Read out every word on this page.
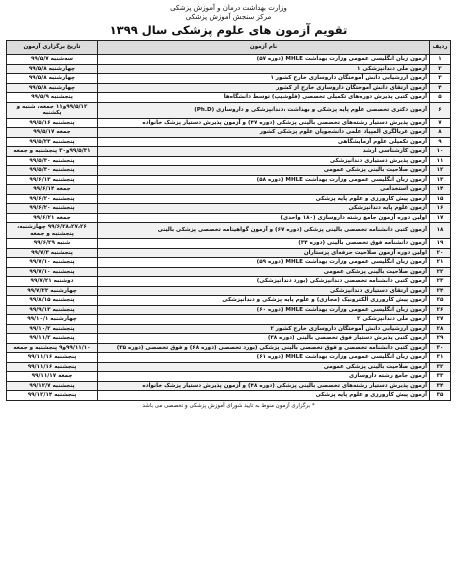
وزارت بهداشت درمان و آموزش پزشکی
مرکز سنجش آموزش پزشکی
تقویم آزمون های علوم پزشکی سال ۱۳۹۹
ردیف	نام آزمون	تاریخ برگزاری آزمون
۱	آزمون زبان انگلیسی عمومی وزارت بهداشت MHLE (دوره ۵۷)	سه‌شنبه ۹۹/۵/۷
۲	آزمون ملی دندانپزشکی ۱	چهارشنبه ۹۹/۵/۸
۳	آزمون ارزشیابی دانش آموختگان داروسازی خارج کشور ۱	چهارشنبه ۹۹/۵/۸
۴	آزمون ارتقای دانش آموختگان داروسازی خارج از کشور	چهارشنبه ۹۹/۵/۸
۵	آزمون کتبی پذیرش دوره‌های تکمیلی تخصصی (فلوشیپ) توسط دانشگاه‌ها	پنجشنبه ۹۹/۵/۹
۶	آزمون دکتری تخصصی علوم پایه پزشکی و بهداشت ،دندانپزشکی و داروسازی (Ph.D)	۹۹/۵/۱۲و۱۱ جمعه، شنبه و یکشنبه
۷	آزمون پذیرش دستیار رشته‌های تخصصی بالینی پزشکی (دوره ۴۷) و آزمون پذیرش دستیار پزشک خانواده	پنجشنبه ۹۹/۵/۱۶
۸	آزمون غربالگری المپیاد علمی دانشجویان علوم پزشکی کشور	جمعه ۹۹/۵/۱۷
۹	آزمون تکمیلی علوم آزمایشگاهی	پنجشنبه ۹۹/۵/۲۳
۱۰	آزمون کارشناسی ارشد	۹۹/۵/۳۱و۳۰ پنجشنبه و جمعه
۱۱	آزمون پذیرش دستیاری دندانپزشکی	پنجشنبه ۹۹/۵/۳۰
۱۲	آزمون صلاحیت بالینی پزشکی عمومی	پنجشنبه ۹۹/۵/۳۰
۱۳	آزمون زبان انگلیسی عمومی وزارت بهداشت MHLE (دوره ۵۸)	پنجشنبه ۹۹/۶/۱۳
۱۴	آزمون استخدامی	جمعه ۹۹/۶/۱۴
۱۵	آزمون پیش کارورزی و علوم پایه پزشکی	پنجشنبه ۹۹/۶/۲۰
۱۶	آزمون علوم پایه دندانپزشکی	پنجشنبه ۹۹/۶/۲۰
۱۷	اولین دوره آزمون جامع رشته داروسازی (۱۸۰ واحدی)	جمعه ۹۹/۶/۲۱
۱۸	آزمون کتبی دانشنامه تخصصی بالینی پزشکی (دوره ۶۷) و آزمون گواهینامه تخصصی پزشکی بالینی	۹۹/۶/۲۸،۲۷،۲۶ چهارشنبه، پنجشنبه و جمعه
۱۹	آزمون دانشنامه فوق تخصصی بالینی (دوره ۳۴)	شنبه ۹۹/۶/۲۹
۲۰	اولین دوره آزمون صلاحیت حرفه‌ای پرستاران	پنجشنبه ۹۹/۷/۳
۲۱	آزمون زبان انگلیسی عمومی وزارت بهداشت MHLE (دوره ۵۹)	پنجشنبه ۹۹/۷/۱۰
۲۲	آزمون صلاحیت بالینی پزشکی عمومی	پنجشنبه ۹۹/۷/۱۰
۲۳	آزمون کتبی دانشنامه تخصصی دندانپزشکی (بورد دندانپزشکی)	دوشنبه ۹۹/۷/۲۱
۲۴	آزمون ارتقای دستیاری دندانپزشکی	چهارشنبه ۹۹/۷/۲۳
۲۵	آزمون پیش کارورزی الکترونیک (مجازی) و علوم پایه پزشکی و دندانپزشکی	پنجشنبه ۹۹/۸/۱۵
۲۶	آزمون زبان انگلیسی عمومی وزارت بهداشت MHLE (دوره ۶۰)	پنجشنبه ۹۹/۹/۱۳
۲۷	آزمون ملی دندانپزشکی ۲	چهارشنبه ۹۹/۱۰/۱
۲۸	آزمون ارزشیابی دانش آموختگان داروسازی خارج کشور ۲	پنجشنبه ۹۹/۱۰/۲
۲۹	آزمون کتبی پذیرش دستیار فوق تخصصی بالینی (دوره ۳۸)	پنجشنبه ۹۹/۱۱/۲
۳۰	آزمون کتبی دانشنامه تخصصی و فوق تخصصی بالینی پزشکی (بورد تخصصی (دوره ۶۸) و فوق تخصصی (دوره ۳۵)	۹۹/۱۱/۱۰و۹ پنجشنبه و جمعه
۳۱	آزمون زبان انگلیسی عمومی وزارت بهداشت MHLE (دوره ۶۱)	پنجشنبه ۹۹/۱۱/۱۶
۳۲	آزمون صلاحیت بالینی پزشکی عمومی	پنجشنبه ۹۹/۱۱/۱۶
۳۳	آزمون جامع رشته داروسازی	جمعه ۹۹/۱۱/۱۷
۳۴	آزمون پذیرش دستیار رشته‌های تخصصی بالینی پزشکی (دوره ۴۸) و آزمون پذیرش دستیار پزشک خانواده	پنجشنبه ۹۹/۱۲/۷
۳۵	آزمون پیش کارورزی و علوم پایه پزشکی	پنجشنبه ۹۹/۱۲/۱۴
* برگزاری آزمون منوط به تایید شورای آموزش پزشکی و تخصصی می باشد
